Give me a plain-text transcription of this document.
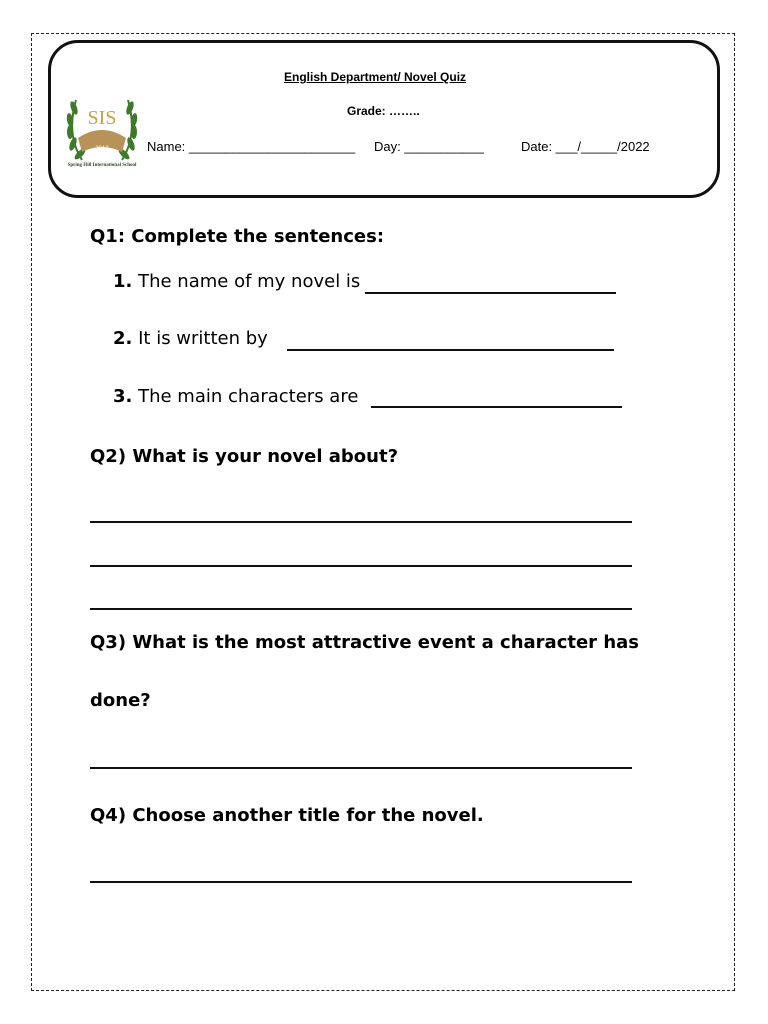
SIS
2013
Spring Hill International School
English Department/ Novel Quiz
Grade: ……..
Name: _______________________ Day: ___________	Date: ___/_____/2022
Q1: Complete the sentences:
1. The name of my novel is
2. It is written by
3. The main characters are
Q2) What is your novel about?
Q3) What is the most attractive event a character has
done?
Q4) Choose another title for the novel.
